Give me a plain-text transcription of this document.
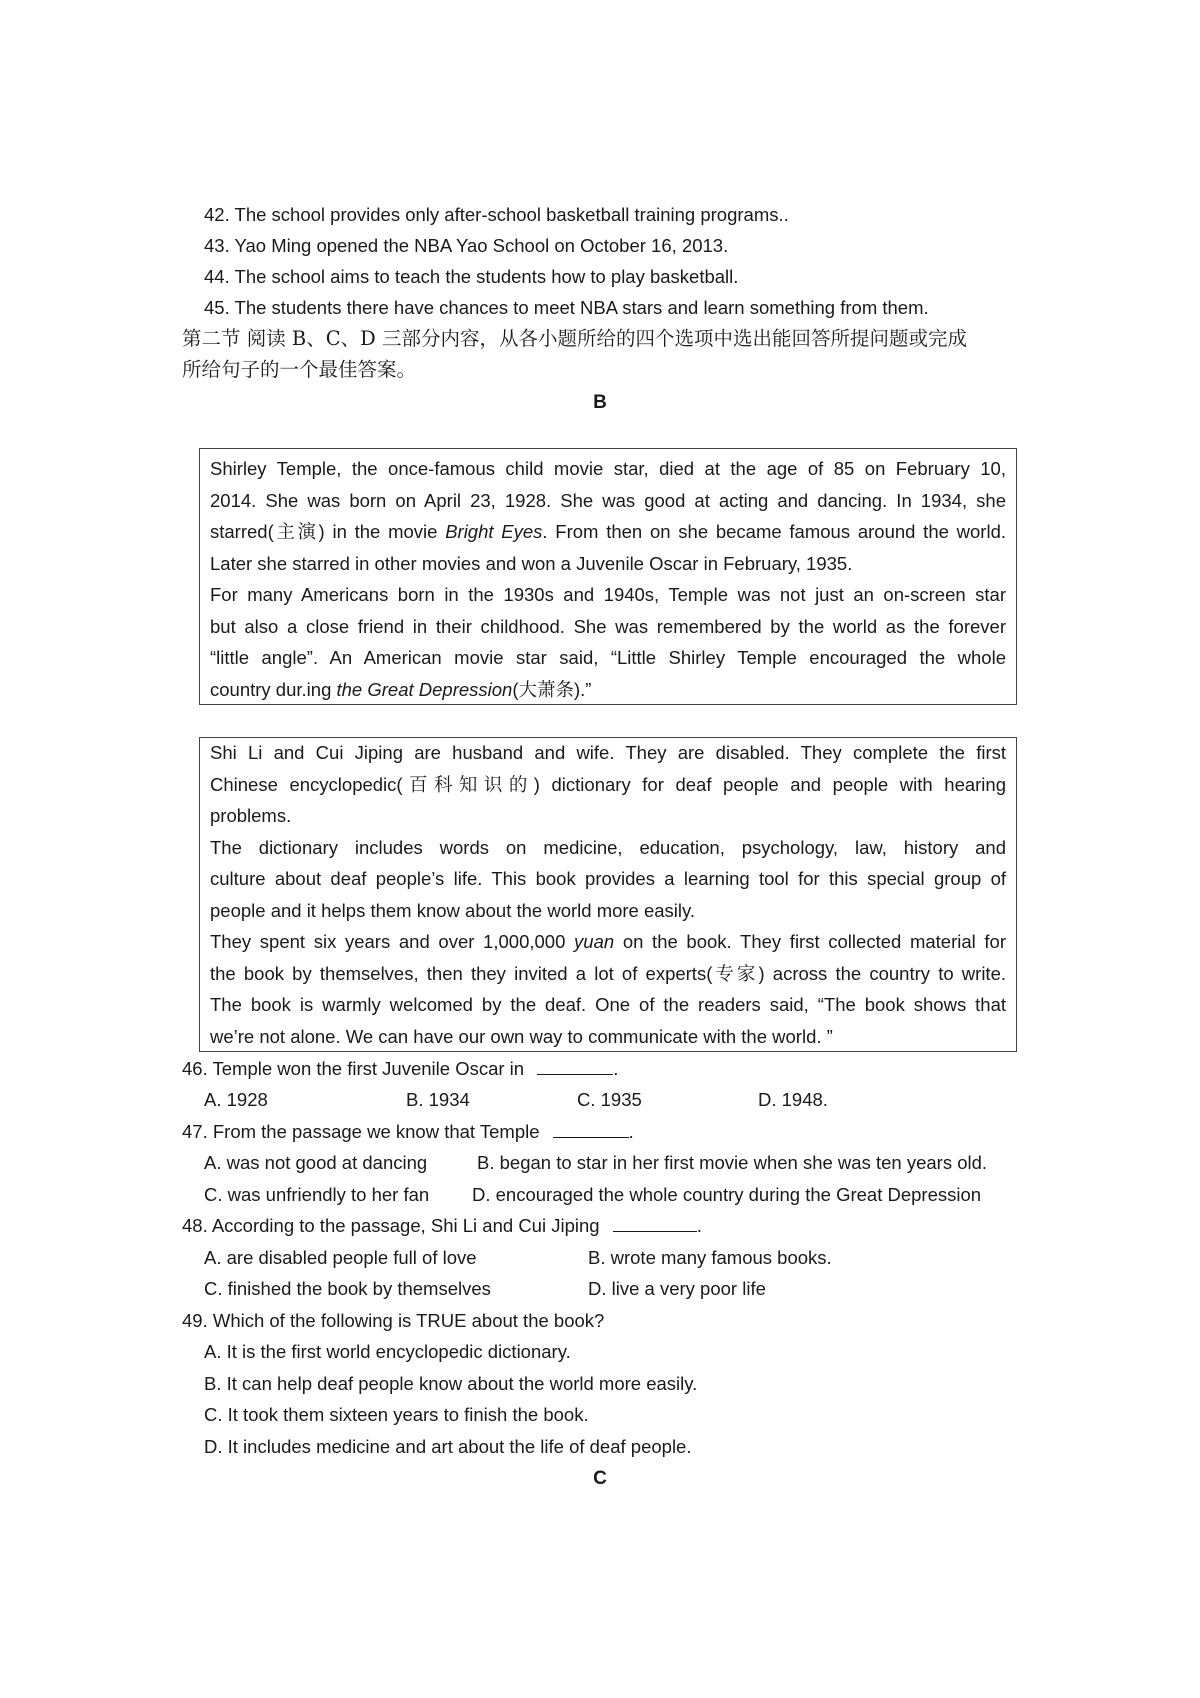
42. The school provides only after-school basketball training programs..
43. Yao Ming opened the NBA Yao School on October 16, 2013.
44. The school aims to teach the students how to play basketball.
45. The students there have chances to meet NBA stars and learn something from them.
第二节 阅读 B、C、D 三部分内容，从各小题所给的四个选项中选出能回答所提问题或完成
所给句子的一个最佳答案。
B
Shirley Temple, the once-famous child movie star, died at the age of 85 on February 10,
2014. She was born on April 23, 1928. She was good at acting and dancing. In 1934, she
starred(主演) in the movie Bright Eyes. From then on she became famous around the world.
Later she starred in other movies and won a Juvenile Oscar in February, 1935.
For many Americans born in the 1930s and 1940s, Temple was not just an on-screen star
but also a close friend in their childhood. She was remembered by the world as the forever
“little angle”. An American movie star said, “Little Shirley Temple encouraged the whole
country dur.ing the Great Depression(大萧条).”
Shi Li and Cui Jiping are husband and wife. They are disabled. They complete the first
Chinese encyclopedic(百科知识的) dictionary for deaf people and people with hearing
problems.
The dictionary includes words on medicine, education, psychology, law, history and
culture about deaf people’s life. This book provides a learning tool for this special group of
people and it helps them know about the world more easily.
They spent six years and over 1,000,000 yuan on the book. They first collected material for
the book by themselves, then they invited a lot of experts(专家) across the country to write.
The book is warmly welcomed by the deaf. One of the readers said, “The book shows that
we’re not alone. We can have our own way to communicate with the world. ”
46. Temple won the first Juvenile Oscar in	.
A. 1928	B. 1934	C. 1935	D. 1948.
47. From the passage we know that Temple	.
A. was not good at dancing	B. began to star in her first movie when she was ten years old.
C. was unfriendly to her fan D. encouraged the whole country during the Great Depression
48. According to the passage, Shi Li and Cui Jiping	.
A. are disabled people full of love	B. wrote many famous books.
C. finished the book by themselves	D. live a very poor life
49. Which of the following is TRUE about the book?
A. It is the first world encyclopedic dictionary.
B. It can help deaf people know about the world more easily.
C. It took them sixteen years to finish the book.
D. It includes medicine and art about the life of deaf people.
C
